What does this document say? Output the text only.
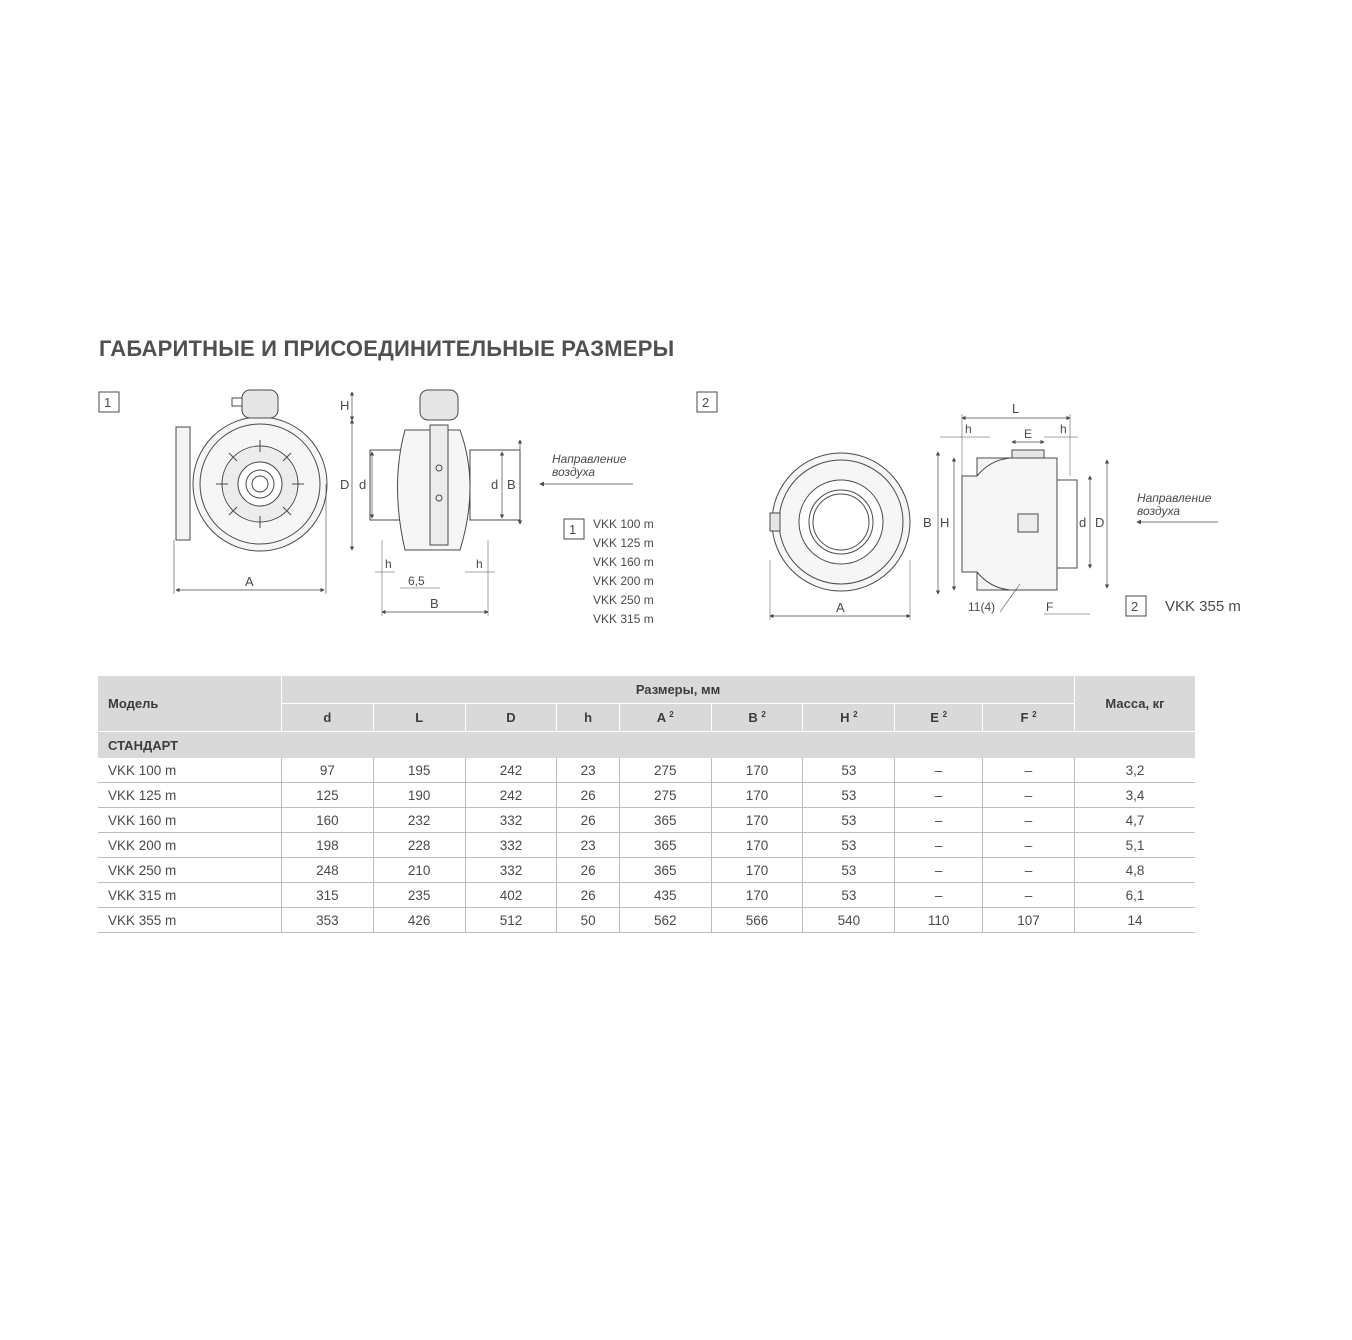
ГАБАРИТНЫЕ И ПРИСОЕДИНИТЕЛЬНЫЕ РАЗМЕРЫ
1
A
H
D d	d B
h	h
6,5
B
Направление
воздуха
1 VKK 100 m
VKK 125 m
VKK 160 m
VKK 200 m
VKK 250 m
VKK 315 m
2	L
h	E h
B H	d D
A	11(4)	F
Направление
воздуха
2 VKK 355 m
Модель	Размеры, мм									Масса, кг
	d	L	D	h	A $^2$	B $^2$	H $^2$	E $^2$	F $^2$
СТАНДАРТ										
VKK 100 m	97	195	242	23	275	170	53	–	–	3,2
VKK 125 m	125	190	242	26	275	170	53	–	–	3,4
VKK 160 m	160	232	332	26	365	170	53	–	–	4,7
VKK 200 m	198	228	332	23	365	170	53	–	–	5,1
VKK 250 m	248	210	332	26	365	170	53	–	–	4,8
VKK 315 m	315	235	402	26	435	170	53	–	–	6,1
VKK 355 m	353	426	512	50	562	566	540	110	107	14
